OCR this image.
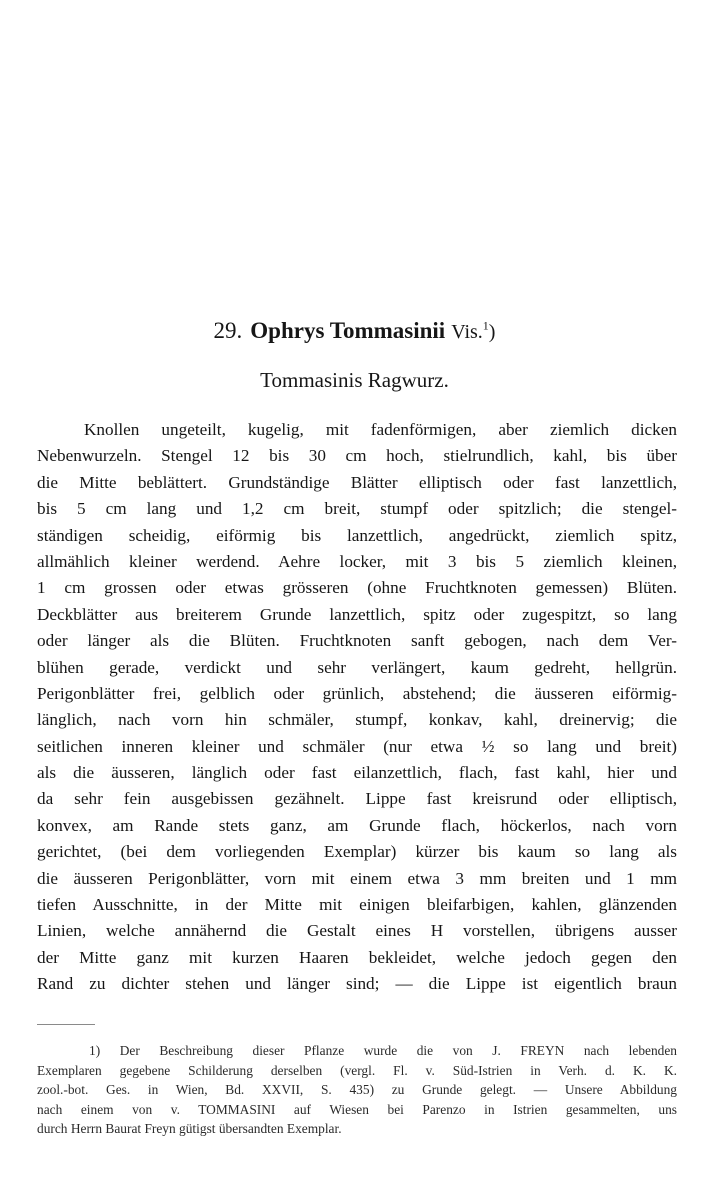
29. Ophrys Tommasinii Vis.$^1$)
Tommasinis Ragwurz.
Knollen ungeteilt, kugelig, mit fadenförmigen, aber ziemlich dicken
Nebenwurzeln. Stengel 12 bis 30 cm hoch, stielrundlich, kahl, bis über
die Mitte beblättert. Grundständige Blätter elliptisch oder fast lanzettlich,
bis 5 cm lang und 1,2 cm breit, stumpf oder spitzlich; die stengel-
ständigen scheidig, eiförmig bis lanzettlich, angedrückt, ziemlich spitz,
allmählich kleiner werdend. Aehre locker, mit 3 bis 5 ziemlich kleinen,
1 cm grossen oder etwas grösseren (ohne Fruchtknoten gemessen) Blüten.
Deckblätter aus breiterem Grunde lanzettlich, spitz oder zugespitzt, so lang
oder länger als die Blüten. Fruchtknoten sanft gebogen, nach dem Ver-
blühen gerade, verdickt und sehr verlängert, kaum gedreht, hellgrün.
Perigonblätter frei, gelblich oder grünlich, abstehend; die äusseren eiförmig-
länglich, nach vorn hin schmäler, stumpf, konkav, kahl, dreinervig; die
seitlichen inneren kleiner und schmäler (nur etwa ½ so lang und breit)
als die äusseren, länglich oder fast eilanzettlich, flach, fast kahl, hier und
da sehr fein ausgebissen gezähnelt. Lippe fast kreisrund oder elliptisch,
konvex, am Rande stets ganz, am Grunde flach, höckerlos, nach vorn
gerichtet, (bei dem vorliegenden Exemplar) kürzer bis kaum so lang als
die äusseren Perigonblätter, vorn mit einem etwa 3 mm breiten und 1 mm
tiefen Ausschnitte, in der Mitte mit einigen bleifarbigen, kahlen, glänzenden
Linien, welche annähernd die Gestalt eines H vorstellen, übrigens ausser
der Mitte ganz mit kurzen Haaren bekleidet, welche jedoch gegen den
Rand zu dichter stehen und länger sind; — die Lippe ist eigentlich braun
1) Der Beschreibung dieser Pflanze wurde die von J. FREYN nach lebenden
Exemplaren gegebene Schilderung derselben (vergl. Fl. v. Süd-Istrien in Verh. d. K. K.
zool.-bot. Ges. in Wien, Bd. XXVII, S. 435) zu Grunde gelegt. — Unsere Abbildung
nach einem von v. TOMMASINI auf Wiesen bei Parenzo in Istrien gesammelten, uns
durch Herrn Baurat Freyn gütigst übersandten Exemplar.
